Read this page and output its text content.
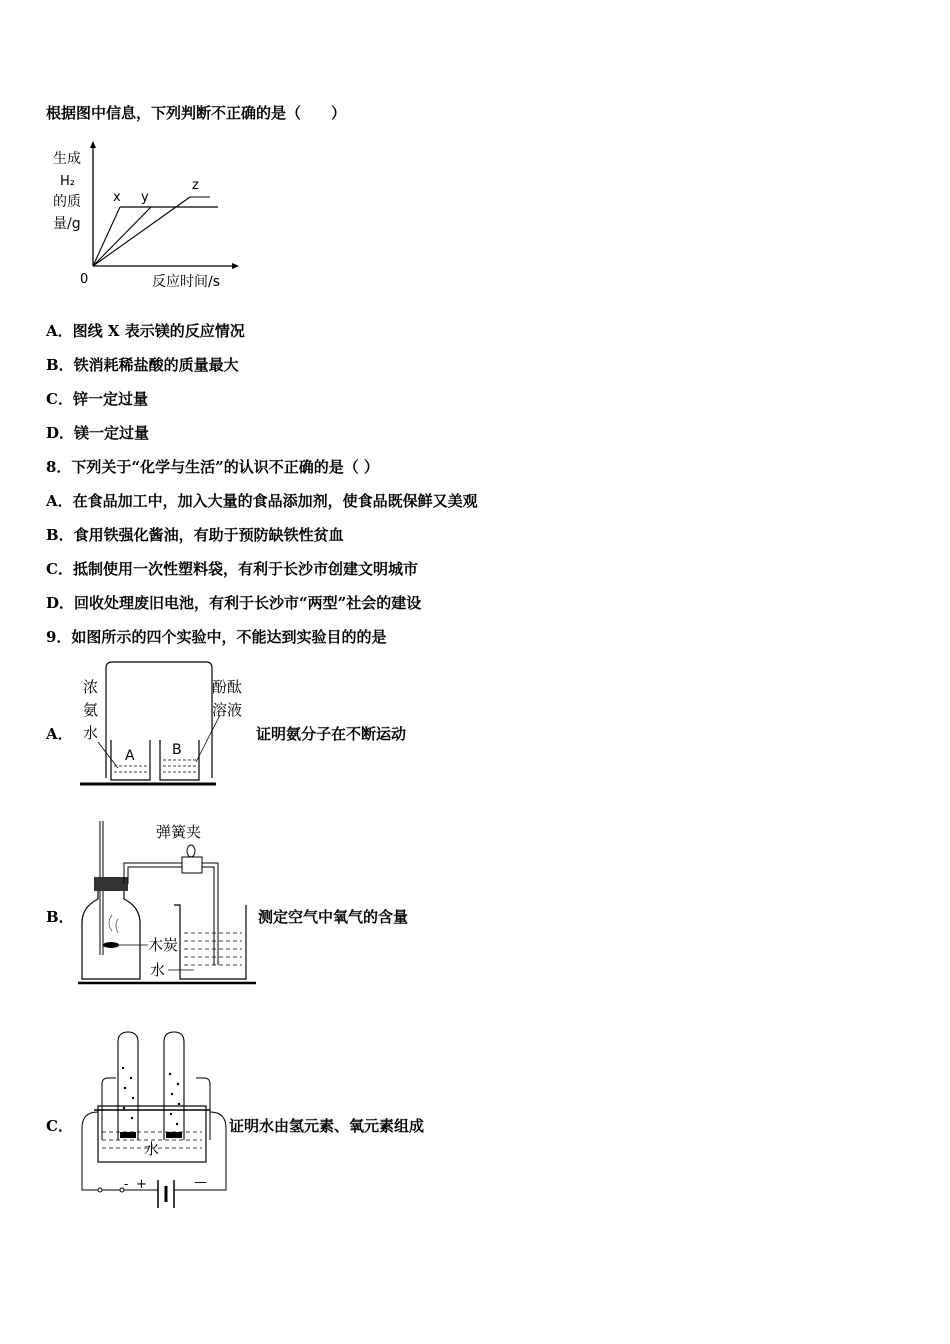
根据图中信息，下列判断不正确的是（　　）
生成
H₂
的质
量/g
0	反应时间/s
x y
z
A．图线 X 表示镁的反应情况
B．铁消耗稀盐酸的质量最大
C．锌一定过量
D．镁一定过量
8．下列关于“化学与生活”的认识不正确的是（ ）
A．在食品加工中，加入大量的食品添加剂，使食品既保鲜又美观
B．食用铁强化酱油，有助于预防缺铁性贫血
C．抵制使用一次性塑料袋，有利于长沙市创建文明城市
D．回收处理废旧电池，有利于长沙市“两型”社会的建设
9．如图所示的四个实验中，不能达到实验目的的是
A．
浓
氨
水
酚酞
溶液
A	B
证明氨分子在不断运动
B．
弹簧夹
木炭
水
测定空气中氧气的含量
C．
水
- +	—
证明水由氢元素、氧元素组成
